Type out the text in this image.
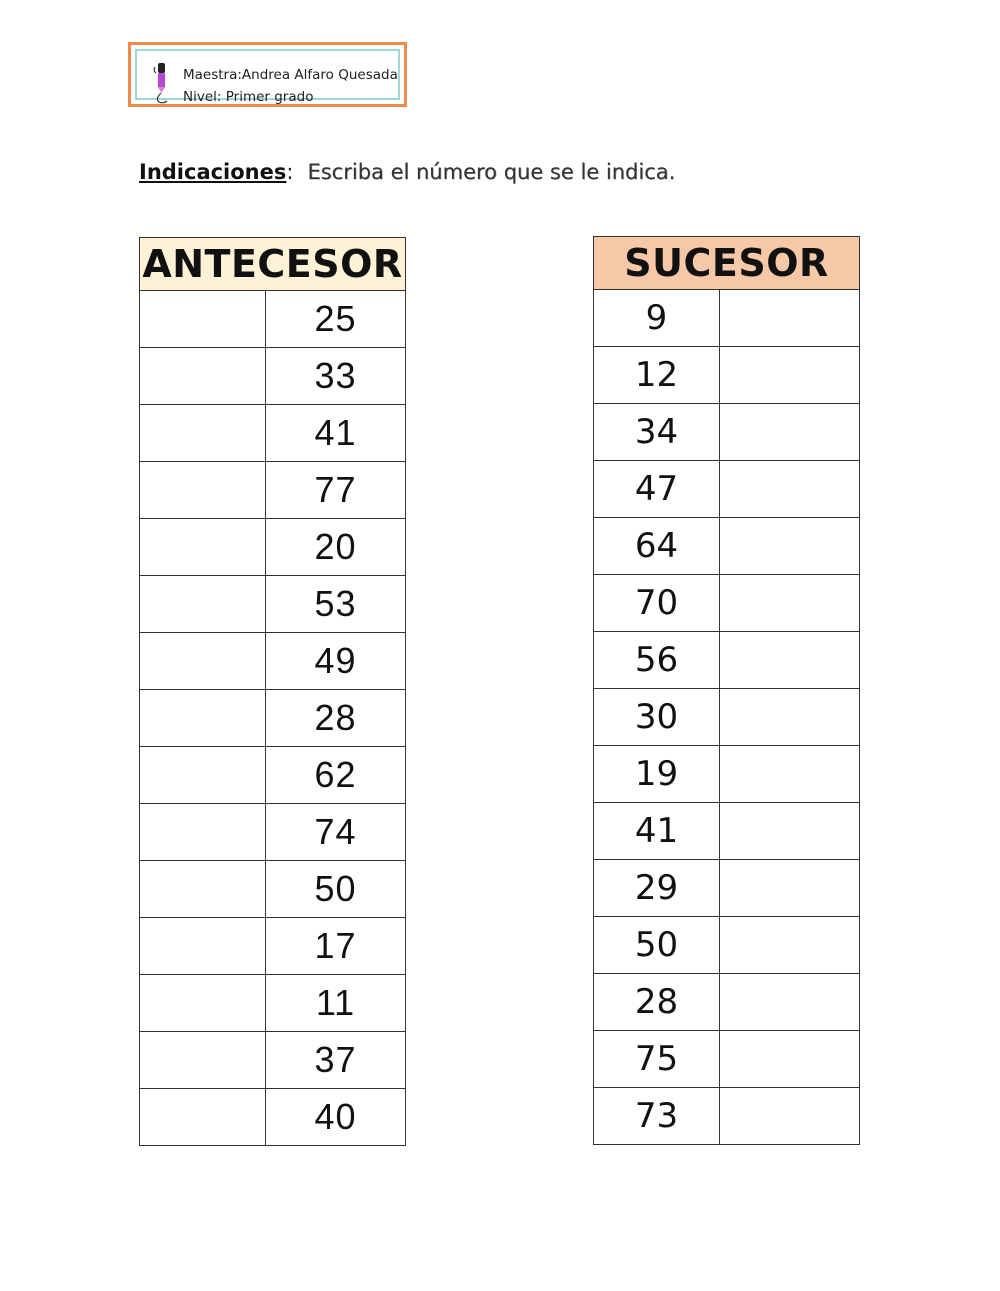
Maestra:Andrea Alfaro Quesada
Nivel: Primer grado
Indicaciones: Escriba el número que se le indica.
ANTECESOR	
	25
	33
	41
	77
	20
	53
	49
	28
	62
	74
	50
	17
	11
	37
	40
SUCESOR	
9	
12	
34	
47	
64	
70	
56	
30	
19	
41	
29	
50	
28	
75	
73	
